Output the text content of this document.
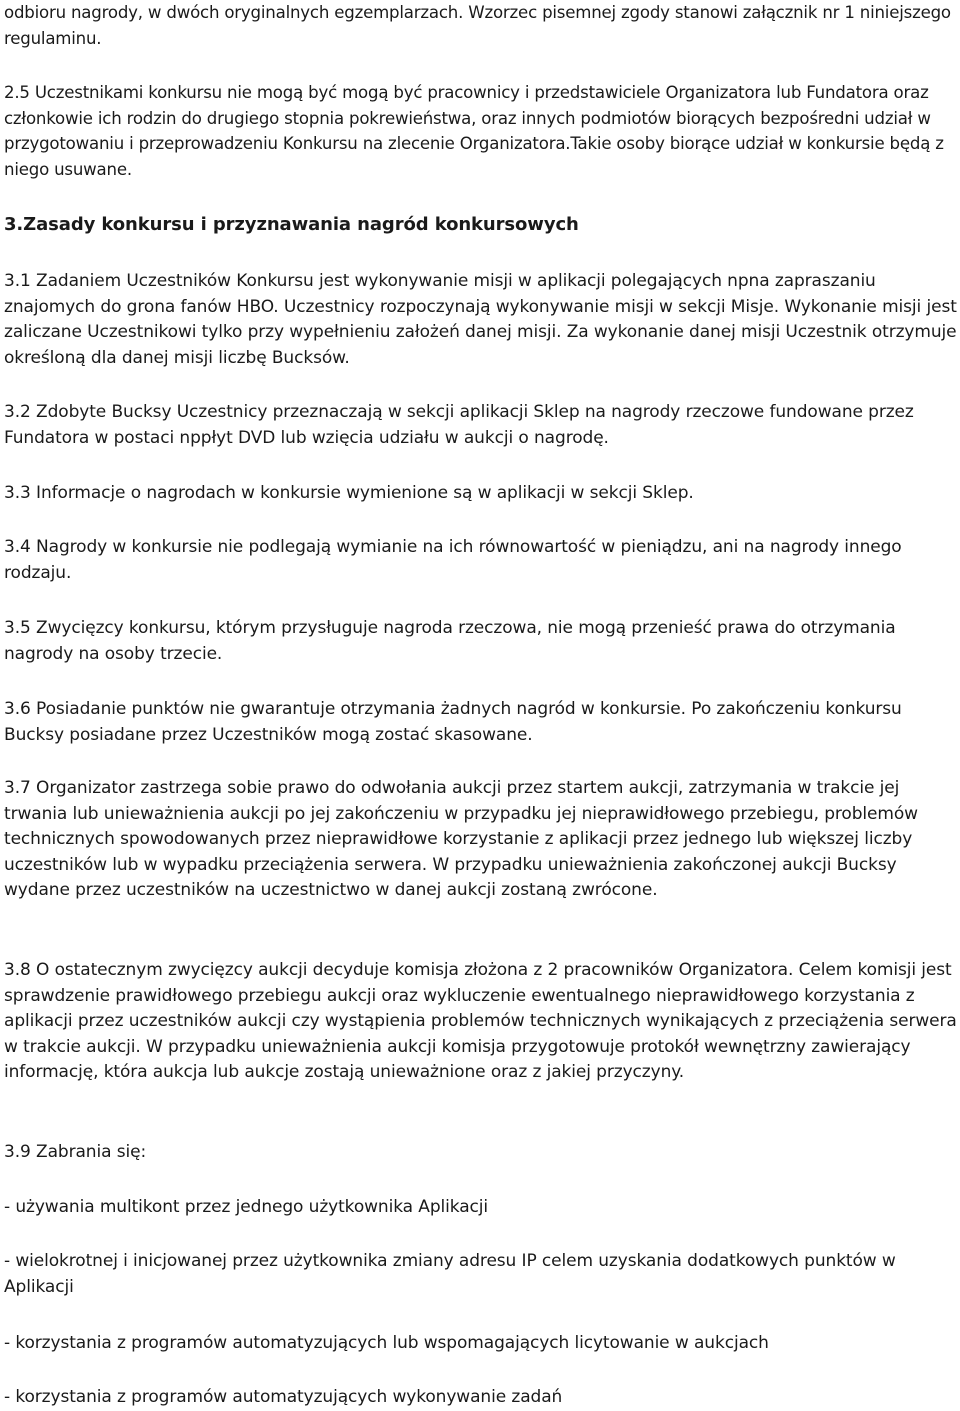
odbioru nagrody, w dwóch oryginalnych egzemplarzach. Wzorzec pisemnej zgody stanowi załącznik nr 1 niniejszego regulaminu.

2.5 Uczestnikami konkursu nie mogą być mogą być pracownicy i przedstawiciele Organizatora lub Fundatora oraz członkowie ich rodzin do drugiego stopnia pokrewieństwa, oraz innych podmiotów biorących bezpośredni udział w przygotowaniu i przeprowadzeniu Konkursu na zlecenie Organizatora.Takie osoby biorące udział w konkursie będą z niego usuwane.

3.Zasady konkursu i przyznawania nagród konkursowych

3.1 Zadaniem Uczestników Konkursu jest wykonywanie misji w aplikacji polegających npna zapraszaniu znajomych do grona fanów HBO. Uczestnicy rozpoczynają wykonywanie misji w sekcji Misje. Wykonanie misji jest zaliczane Uczestnikowi tylko przy wypełnieniu założeń danej misji. Za wykonanie danej misji Uczestnik otrzymuje określoną dla danej misji liczbę Bucksów.

3.2 Zdobyte Bucksy Uczestnicy przeznaczają w sekcji aplikacji Sklep na nagrody rzeczowe fundowane przez Fundatora w postaci nppłyt DVD lub wzięcia udziału w aukcji o nagrodę.

3.3 Informacje o nagrodach w konkursie wymienione są w aplikacji w sekcji Sklep.

3.4 Nagrody w konkursie nie podlegają wymianie na ich równowartość w pieniądzu, ani na nagrody innego rodzaju.

3.5 Zwycięzcy konkursu, którym przysługuje nagroda rzeczowa, nie mogą przenieść prawa do otrzymania nagrody na osoby trzecie.

3.6 Posiadanie punktów nie gwarantuje otrzymania żadnych nagród w konkursie. Po zakończeniu konkursu Bucksy posiadane przez Uczestników mogą zostać skasowane.

3.7 Organizator zastrzega sobie prawo do odwołania aukcji przez startem aukcji, zatrzymania w trakcie jej trwania lub unieważnienia aukcji po jej zakończeniu w przypadku jej nieprawidłowego przebiegu, problemów technicznych spowodowanych przez nieprawidłowe korzystanie z aplikacji przez jednego lub większej liczby uczestników lub w wypadku przeciążenia serwera. W przypadku unieważnienia zakończonej aukcji Bucksy wydane przez uczestników na uczestnictwo w danej aukcji zostaną zwrócone.

3.8 O ostatecznym zwycięzcy aukcji decyduje komisja złożona z 2 pracowników Organizatora. Celem komisji jest sprawdzenie prawidłowego przebiegu aukcji oraz wykluczenie ewentualnego nieprawidłowego korzystania z aplikacji przez uczestników aukcji czy wystąpienia problemów technicznych wynikających z przeciążenia serwera w trakcie aukcji. W przypadku unieważnienia aukcji komisja przygotowuje protokół wewnętrzny zawierający informację, która aukcja lub aukcje zostają unieważnione oraz z jakiej przyczyny.

3.9 Zabrania się:

- używania multikont przez jednego użytkownika Aplikacji

- wielokrotnej i inicjowanej przez użytkownika zmiany adresu IP celem uzyskania dodatkowych punktów w Aplikacji

- korzystania z programów automatyzujących lub wspomagających licytowanie w aukcjach

- korzystania z programów automatyzujących wykonywanie zadań
